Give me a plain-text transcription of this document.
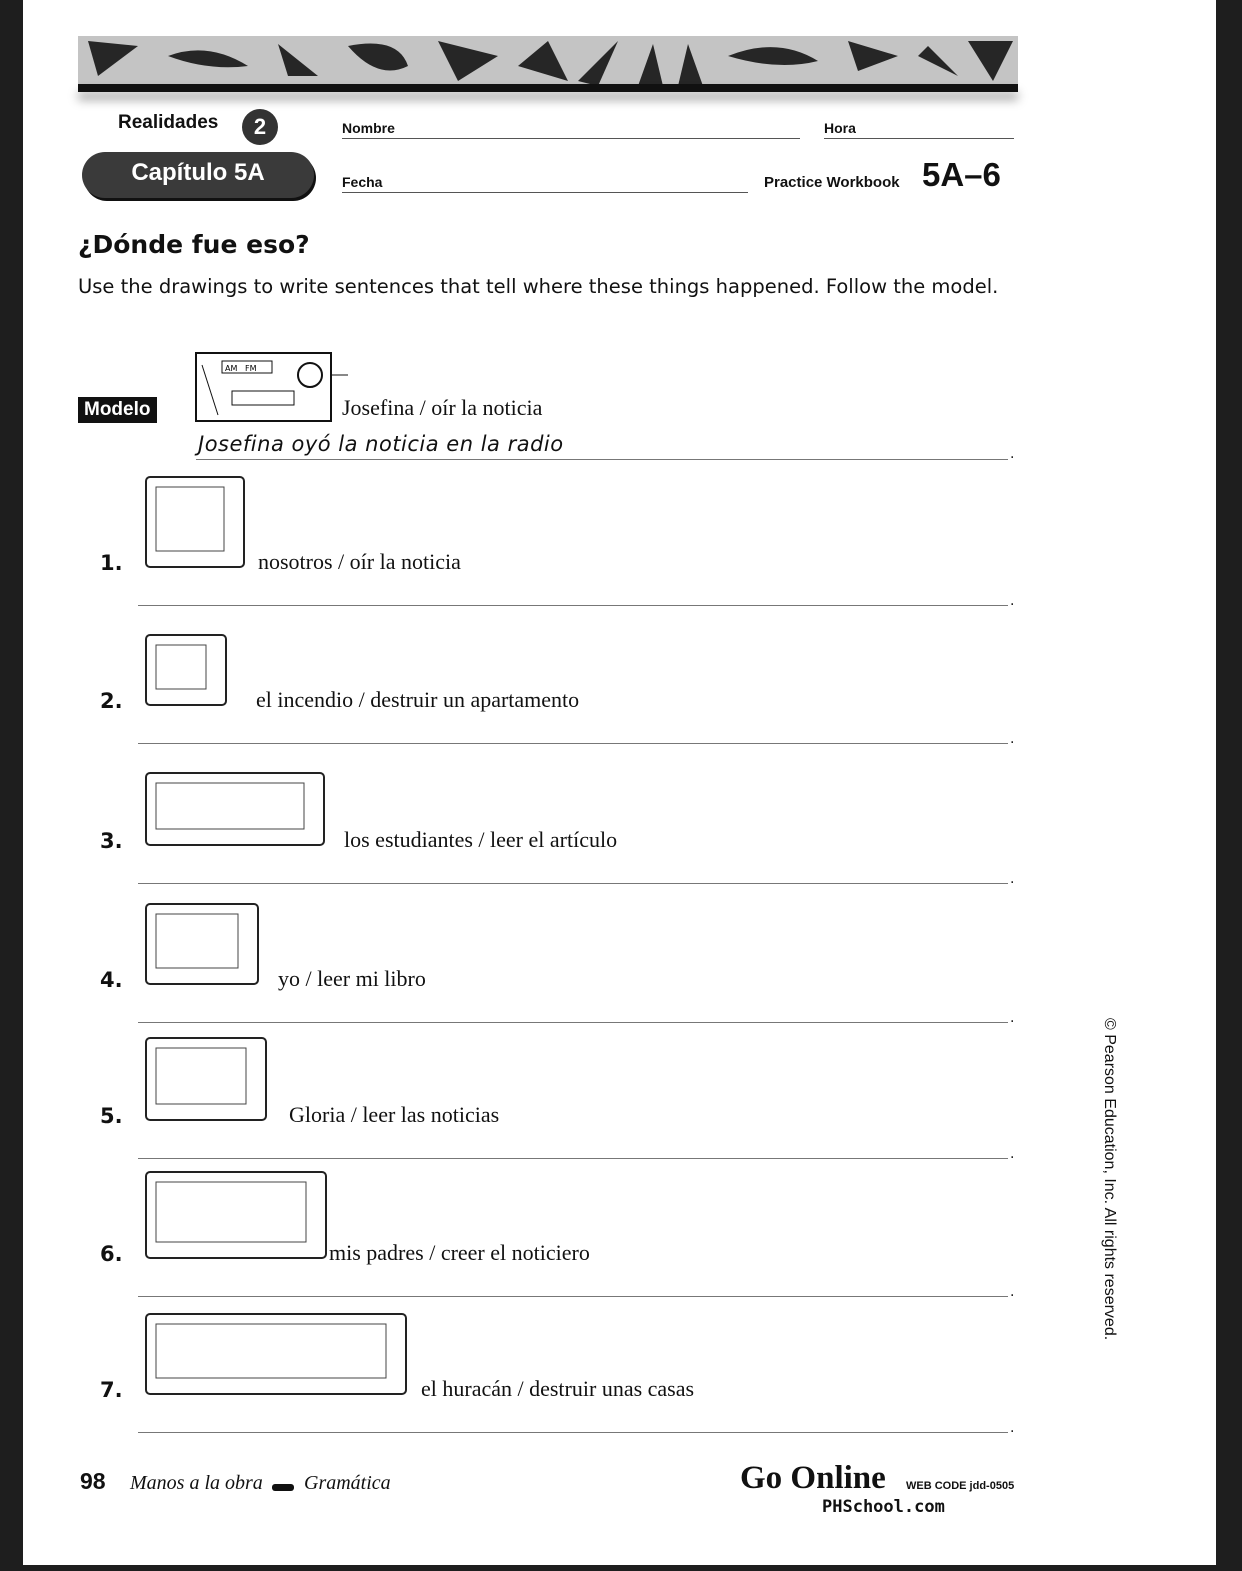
Realidades	2
Capítulo 5A
Nombre	Hora
Fecha	Practice Workbook 5A–6
¿Dónde fue eso?
Use the drawings to write sentences that tell where these things happened. Follow the model.
Modelo
AM FM
Josefina / oír la noticia
Josefina oyó la noticia en la radio	.
1.	nosotros / oír la noticia
.
2.	el incendio / destruir un apartamento
.
3.	los estudiantes / leer el artículo
.
4.	yo / leer mi libro
.
5.	Gloria / leer las noticias
.
6.	mis padres / creer el noticiero
.
7.	el huracán / destruir unas casas
.
98 Manos a la obra Gramática	Go Online WEB CODE jdd-0505
PHSchool.com
© Pearson Education, Inc. All rights reserved.
